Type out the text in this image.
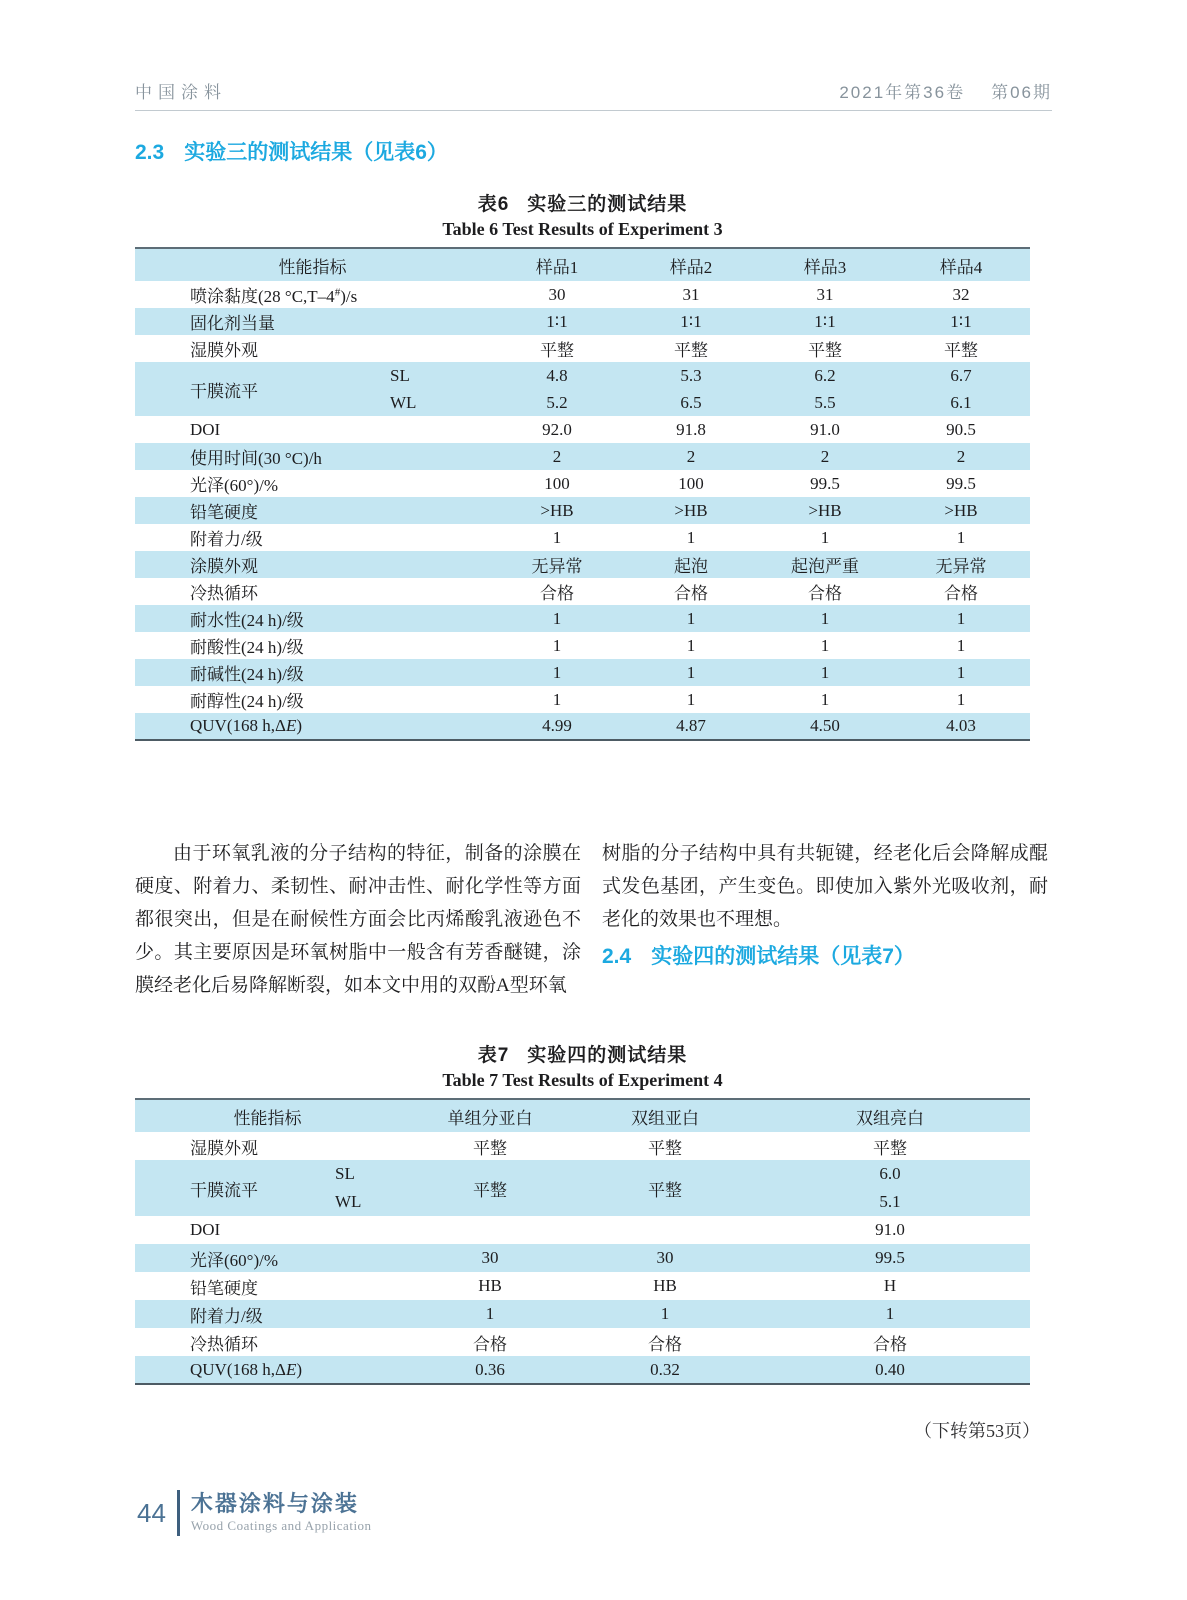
中国涂料	2021年第36卷 第06期
2.3 实验三的测试结果（见表6）
表6 实验三的测试结果
Table 6 Test Results of Experiment 3
性能指标		样品1	样品2	样品3	样品4
喷涂黏度(28 °C,T–4#)/s		30	31	31	32
固化剂当量		1∶1	1∶1	1∶1	1∶1
湿膜外观		平整	平整	平整	平整
干膜流平	SL	4.8	5.3	6.2	6.7
	WL	5.2	6.5	5.5	6.1
DOI		92.0	91.8	91.0	90.5
使用时间(30 °C)/h		2	2	2	2
光泽(60°)/%		100	100	99.5	99.5
铅笔硬度		>HB	>HB	>HB	>HB
附着力/级		1	1	1	1
涂膜外观		无异常	起泡	起泡严重	无异常
冷热循环		合格	合格	合格	合格
耐水性(24 h)/级		1	1	1	1
耐酸性(24 h)/级		1	1	1	1
耐碱性(24 h)/级		1	1	1	1
耐醇性(24 h)/级		1	1	1	1
QUV(168 h,ΔE)		4.99	4.87	4.50	4.03

由于环氧乳液的分子结构的特征，制备的涂膜在硬度、附着力、柔韧性、耐冲击性、耐化学性等方面都很突出，但是在耐候性方面会比丙烯酸乳液逊色不少。其主要原因是环氧树脂中一般含有芳香醚键，涂膜经老化后易降解断裂，如本文中用的双酚A型环氧

树脂的分子结构中具有共轭键，经老化后会降解成醌式发色基团，产生变色。即使加入紫外光吸收剂，耐老化的效果也不理想。

2.4 实验四的测试结果（见表7）
表7 实验四的测试结果
Table 7 Test Results of Experiment 4
性能指标		单组分亚白	双组亚白	双组亮白
湿膜外观		平整	平整	平整
干膜流平	SL	平整	平整	6.0
	WL			5.1
DOI				91.0
光泽(60°)/%		30	30	99.5
铅笔硬度		HB	HB	H
附着力/级		1	1	1
冷热循环		合格	合格	合格
QUV(168 h,ΔE)		0.36	0.32	0.40
（下转第53页）
44 木器涂料与涂装
Wood Coatings and Application
